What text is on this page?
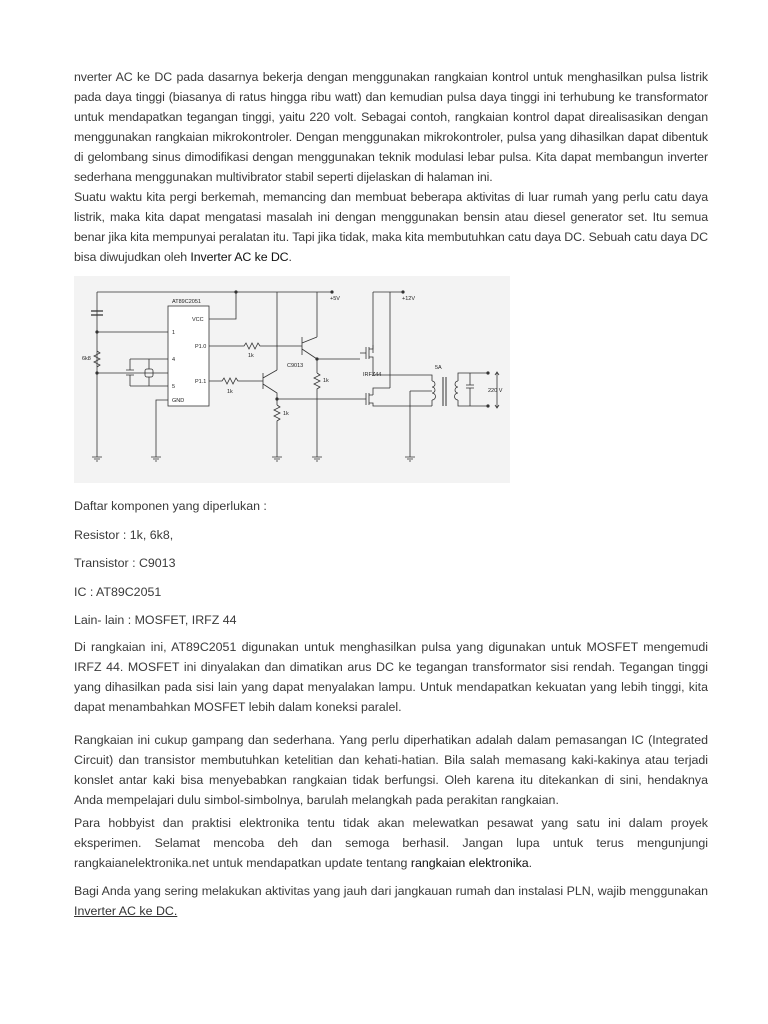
nverter AC ke DC pada dasarnya bekerja dengan menggunakan rangkaian kontrol untuk menghasilkan pulsa listrik pada daya tinggi (biasanya di ratus hingga ribu watt) dan kemudian pulsa daya tinggi ini terhubung ke transformator untuk mendapatkan tegangan tinggi, yaitu 220 volt. Sebagai contoh, rangkaian kontrol dapat direalisasikan dengan menggunakan rangkaian mikrokontroler. Dengan menggunakan mikrokontroler, pulsa yang dihasilkan dapat dibentuk di gelombang sinus dimodifikasi dengan menggunakan teknik modulasi lebar pulsa. Kita dapat membangun inverter sederhana menggunakan multivibrator stabil seperti dijelaskan di halaman ini.
Suatu waktu kita pergi berkemah, memancing dan membuat beberapa aktivitas di luar rumah yang perlu catu daya listrik, maka kita dapat mengatasi masalah ini dengan menggunakan bensin atau diesel generator set. Itu semua benar jika kita mempunyai peralatan itu. Tapi jika tidak, maka kita membutuhkan catu daya DC. Sebuah catu daya DC bisa diwujudkan oleh Inverter AC ke DC.
AT89C2051
VCC
1
4
5
GND
P1.0
P1.1
+5V	+12V
6k8	1k
1k
1k
1k
C9013
IRFZ44
5A
220 V
Daftar komponen yang diperlukan :
Resistor : 1k, 6k8,
Transistor : C9013
IC : AT89C2051
Lain- lain : MOSFET, IRFZ 44
Di rangkaian ini, AT89C2051 digunakan untuk menghasilkan pulsa yang digunakan untuk MOSFET mengemudi IRFZ 44. MOSFET ini dinyalakan dan dimatikan arus DC ke tegangan transformator sisi rendah. Tegangan tinggi yang dihasilkan pada sisi lain yang dapat menyalakan lampu. Untuk mendapatkan kekuatan yang lebih tinggi, kita dapat menambahkan MOSFET lebih dalam koneksi paralel.
Rangkaian ini cukup gampang dan sederhana. Yang perlu diperhatikan adalah dalam pemasangan IC (Integrated Circuit) dan transistor membutuhkan ketelitian dan kehati-hatian. Bila salah memasang kaki-kakinya atau terjadi konslet antar kaki bisa menyebabkan rangkaian tidak berfungsi. Oleh karena itu ditekankan di sini, hendaknya Anda mempelajari dulu simbol-simbolnya, barulah melangkah pada perakitan rangkaian.
Para hobbyist dan praktisi elektronika tentu tidak akan melewatkan pesawat yang satu ini dalam proyek eksperimen. Selamat mencoba deh dan semoga berhasil. Jangan lupa untuk terus mengunjungi rangkaianelektronika.net untuk mendapatkan update tentang rangkaian elektronika.
Bagi Anda yang sering melakukan aktivitas yang jauh dari jangkauan rumah dan instalasi PLN, wajib menggunakan Inverter AC ke DC.
